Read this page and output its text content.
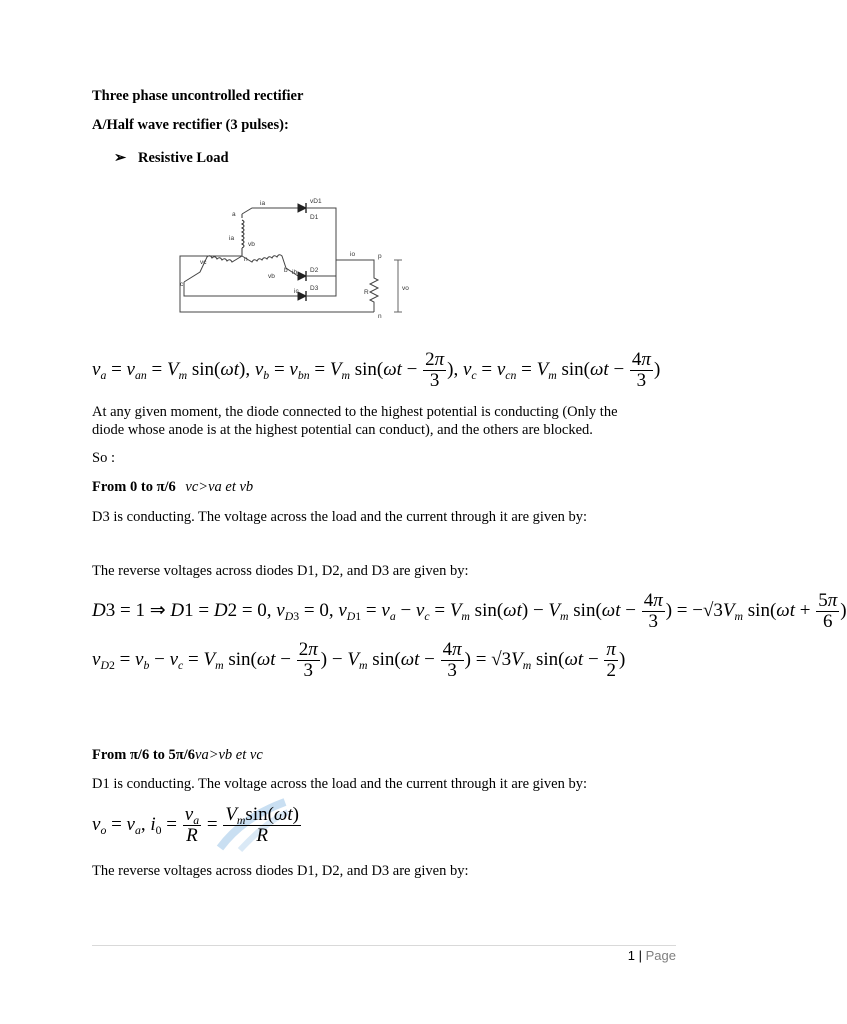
Three phase uncontrolled rectifier
A/Half wave rectifier (3 pulses):
➢ Resistive Load
a
vb
ia
n
vc
c
vb
b
ia	vD1
D1
D2
D3
ib
ic
io	p
R
vo
n
$v_a = v_{an} = V_m$ sin(ωt), $v_b = v_{bn} = V_m$ $\sin(\omega t - \frac{2\pi}{3}$ ), $v_c = v_{cn} = V_m$ $\sin(\omega t - \frac{4\pi}{3}$ )
At any given moment, the diode connected to the highest potential is conducting (Only the
diode whose anode is at the highest potential can conduct), and the others are blocked.
So :
From 0 to π/6 vc>va et vb
D3 is conducting. The voltage across the load and the current through it are given by:
The reverse voltages across diodes D1, D2, and D3 are given by:
D3 = 1 ⇒ D1 = D2 = 0, $v_{D3} = 0$, $v_{D1} = v_a - v_c = V_m$ $\sin(\omega t) - V_m$ $\sin(\omega t - \frac{4\pi}{3}$ ) = $-√3V_m$ $\sin(\omega t + \frac{5\pi}{6}$ )
$v_{D2} = v_b - v_c = V_m$ $\sin(\omega t - \frac{2\pi}{3}$ ) − $V_m$ $\sin(\omega t - \frac{4\pi}{3}$ ) = $√3V_m$ $\sin(\omega t - \frac{\pi}{2}$ )
From π/6 to 5π/6va>vb et vc
D1 is conducting. The voltage across the load and the current through it are given by:
$v_o = v_a$, $i_0 = \frac{v_a}{R} = \frac{V_m\sin(\omega t)}{R}$
The reverse voltages across diodes D1, D2, and D3 are given by:
1 | Page
